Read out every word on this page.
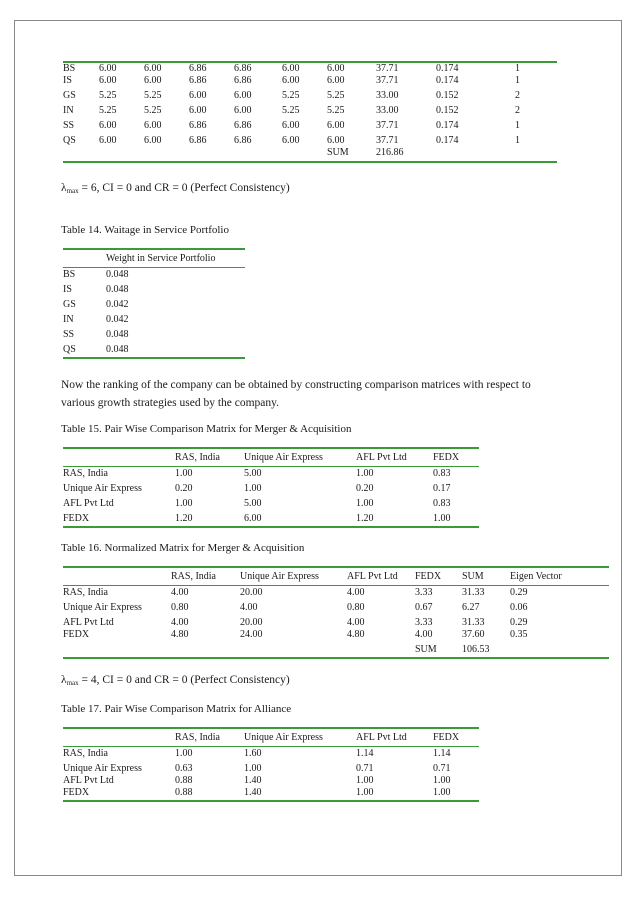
BS	6.00	6.00	6.86	6.86	6.00	6.00	37.71	0.174	1
IS	6.00	6.00	6.86	6.86	6.00	6.00	37.71	0.174	1
GS	5.25	5.25	6.00	6.00	5.25	5.25	33.00	0.152	2
IN	5.25	5.25	6.00	6.00	5.25	5.25	33.00	0.152	2
SS	6.00	6.00	6.86	6.86	6.00	6.00	37.71	0.174	1
QS	6.00	6.00	6.86	6.86	6.00	6.00	37.71	0.174	1
						SUM	216.86		
$\lambda_{max} = 6$, CI = 0 and CR = 0 (Perfect Consistency)
Table 14. Waitage in Service Portfolio
	Weight in Service Portfolio
BS	0.048
IS	0.048
GS	0.042
IN	0.042
SS	0.048
QS	0.048
Now the ranking of the company can be obtained by constructing comparison matrices with respect to
various growth strategies used by the company.
Table 15. Pair Wise Comparison Matrix for Merger & Acquisition
	RAS, India	Unique Air Express	AFL Pvt Ltd	FEDX
RAS, India	1.00	5.00	1.00	0.83
Unique Air Express	0.20	1.00	0.20	0.17
AFL Pvt Ltd	1.00	5.00	1.00	0.83
FEDX	1.20	6.00	1.20	1.00
Table 16. Normalized Matrix for Merger & Acquisition
	RAS, India	Unique Air Express	AFL Pvt Ltd	FEDX	SUM	Eigen Vector
RAS, India	4.00	20.00	4.00	3.33	31.33	0.29
Unique Air Express	0.80	4.00	0.80	0.67	6.27	0.06
AFL Pvt Ltd	4.00	20.00	4.00	3.33	31.33	0.29
FEDX	4.80	24.00	4.80	4.00	37.60	0.35
				SUM	106.53	
$\lambda_{max} = 4$, CI = 0 and CR = 0 (Perfect Consistency)
Table 17. Pair Wise Comparison Matrix for Alliance
	RAS, India	Unique Air Express	AFL Pvt Ltd	FEDX
RAS, India	1.00	1.60	1.14	1.14
Unique Air Express	0.63	1.00	0.71	0.71
AFL Pvt Ltd	0.88	1.40	1.00	1.00
FEDX	0.88	1.40	1.00	1.00
